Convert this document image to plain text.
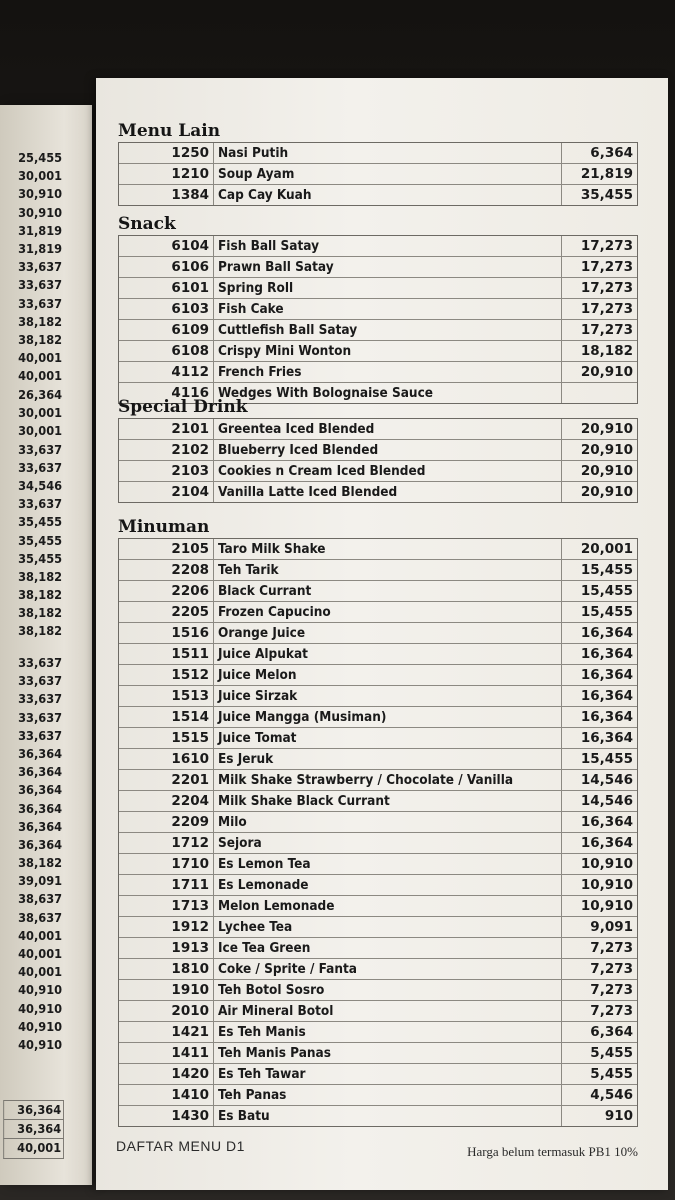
25,455
30,001
30,910
30,910
31,819
31,819
33,637
33,637
33,637
38,182
38,182
40,001
40,001
26,364
30,001
30,001
33,637
33,637
34,546
33,637
35,455
35,455
35,455
38,182
38,182
38,182
38,182
33,637
33,637
33,637
33,637
33,637
36,364
36,364
36,364
36,364
36,364
36,364
38,182
39,091
38,637
38,637
40,001
40,001
40,001
40,910
40,910
40,910
40,910
36,364
36,364
40,001
Menu Lain
1250 Nasi Putih	6,364
1210 Soup Ayam	21,819
1384 Cap Cay Kuah	35,455
Snack
6104 Fish Ball Satay	17,273
6106 Prawn Ball Satay	17,273
6101 Spring Roll	17,273
6103 Fish Cake	17,273
6109 Cuttlefish Ball Satay	17,273
6108 Crispy Mini Wonton	18,182
4112 French Fries	20,910
4116 Wedges With Bolognaise Sauce
Special Drink
2101 Greentea Iced Blended	20,910
2102 Blueberry Iced Blended	20,910
2103 Cookies n Cream Iced Blended	20,910
2104 Vanilla Latte Iced Blended	20,910
Minuman
2105 Taro Milk Shake	20,001
2208 Teh Tarik	15,455
2206 Black Currant	15,455
2205 Frozen Capucino	15,455
1516 Orange Juice	16,364
1511 Juice Alpukat	16,364
1512 Juice Melon	16,364
1513 Juice Sirzak	16,364
1514 Juice Mangga (Musiman)	16,364
1515 Juice Tomat	16,364
1610 Es Jeruk	15,455
2201 Milk Shake Strawberry / Chocolate / Vanilla	14,546
2204 Milk Shake Black Currant	14,546
2209 Milo	16,364
1712 Sejora	16,364
1710 Es Lemon Tea	10,910
1711 Es Lemonade	10,910
1713 Melon Lemonade	10,910
1912 Lychee Tea	9,091
1913 Ice Tea Green	7,273
1810 Coke / Sprite / Fanta	7,273
1910 Teh Botol Sosro	7,273
2010 Air Mineral Botol	7,273
1421 Es Teh Manis	6,364
1411 Teh Manis Panas	5,455
1420 Es Teh Tawar	5,455
1410 Teh Panas	4,546
1430 Es Batu	910
DAFTAR MENU D1	Harga belum termasuk PB1 10%
